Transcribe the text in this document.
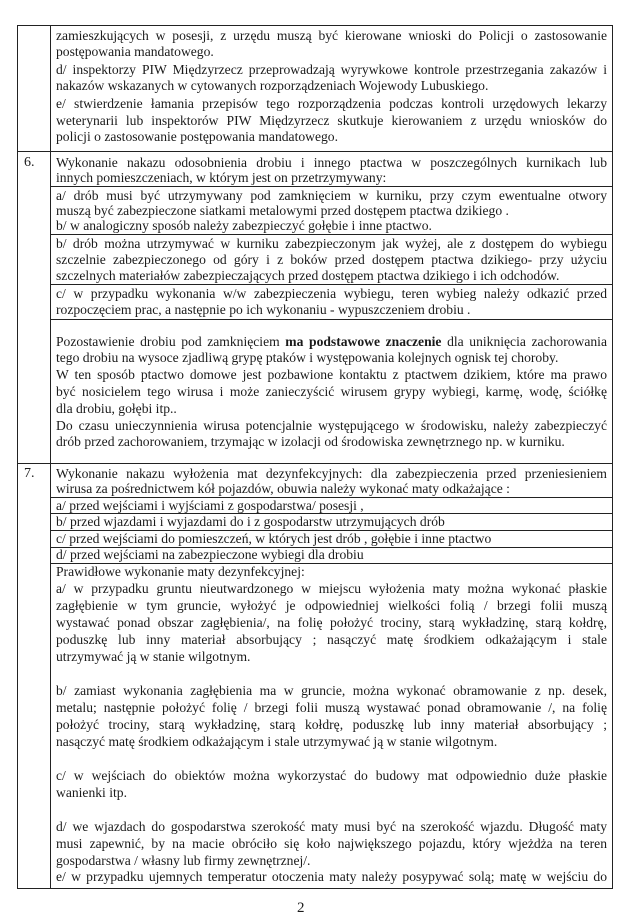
zamieszkujących w posesji, z urzędu muszą być kierowane wnioski do Policji o zastosowanie
postępowania mandatowego.
d/ inspektorzy PIW Międzyrzecz przeprowadzają wyrywkowe kontrole przestrzegania zakazów i
nakazów wskazanych w cytowanych rozporządzeniach Wojewody Lubuskiego.
e/ stwierdzenie łamania przepisów tego rozporządzenia podczas kontroli urzędowych lekarzy
weterynarii lub inspektorów PIW Międzyrzecz skutkuje kierowaniem z urzędu wniosków do
policji o zastosowanie postępowania mandatowego.
6. Wykonanie nakazu odosobnienia drobiu i innego ptactwa w poszczególnych kurnikach lub
innych pomieszczeniach, w którym jest on przetrzymywany:
a/ drób musi być utrzymywany pod zamknięciem w kurniku, przy czym ewentualne otwory
muszą być zabezpieczone siatkami metalowymi przed dostępem ptactwa dzikiego .
b/ w analogiczny sposób należy zabezpieczyć gołębie i inne ptactwo.
b/ drób można utrzymywać w kurniku zabezpieczonym jak wyżej, ale z dostępem do wybiegu
szczelnie zabezpieczonego od góry i z boków przed dostępem ptactwa dzikiego- przy użyciu
szczelnych materiałów zabezpieczających przed dostępem ptactwa dzikiego i ich odchodów.
c/ w przypadku wykonania w/w zabezpieczenia wybiegu, teren wybieg należy odkazić przed
rozpoczęciem prac, a następnie po ich wykonaniu - wypuszczeniem drobiu .
Pozostawienie drobiu pod zamknięciem ma podstawowe znaczenie dla uniknięcia zachorowania
tego drobiu na wysoce zjadliwą grypę ptaków i występowania kolejnych ognisk tej choroby.
W ten sposób ptactwo domowe jest pozbawione kontaktu z ptactwem dzikiem, które ma prawo
być nosicielem tego wirusa i może zanieczyścić wirusem grypy wybiegi, karmę, wodę, ściółkę
dla drobiu, gołębi itp..
Do czasu unieczynnienia wirusa potencjalnie występującego w środowisku, należy zabezpieczyć
drób przed zachorowaniem, trzymając w izolacji od środowiska zewnętrznego np. w kurniku.
7. Wykonanie nakazu wyłożenia mat dezynfekcyjnych: dla zabezpieczenia przed przeniesieniem
wirusa za pośrednictwem kół pojazdów, obuwia należy wykonać maty odkażające :
a/ przed wejściami i wyjściami z gospodarstwa/ posesji ,
b/ przed wjazdami i wyjazdami do i z gospodarstw utrzymujących drób
c/ przed wejściami do pomieszczeń, w których jest drób , gołębie i inne ptactwo
d/ przed wejściami na zabezpieczone wybiegi dla drobiu
Prawidłowe wykonanie maty dezynfekcyjnej:
a/ w przypadku gruntu nieutwardzonego w miejscu wyłożenia maty można wykonać płaskie
zagłębienie w tym gruncie, wyłożyć je odpowiedniej wielkości folią / brzegi folii muszą
wystawać ponad obszar zagłębienia/, na folię położyć trociny, starą wykładzinę, starą kołdrę,
poduszkę lub inny materiał absorbujący ; nasączyć matę środkiem odkażającym i stale
utrzymywać ją w stanie wilgotnym.
b/ zamiast wykonania zagłębienia ma w gruncie, można wykonać obramowanie z np. desek,
metalu; następnie położyć folię / brzegi folii muszą wystawać ponad obramowanie /, na folię
położyć trociny, starą wykładzinę, starą kołdrę, poduszkę lub inny materiał absorbujący ;
nasączyć matę środkiem odkażającym i stale utrzymywać ją w stanie wilgotnym.
c/ w wejściach do obiektów można wykorzystać do budowy mat odpowiednio duże płaskie
wanienki itp.
d/ we wjazdach do gospodarstwa szerokość maty musi być na szerokość wjazdu. Długość maty
musi zapewnić, by na macie obróciło się koło największego pojazdu, który wjeżdża na teren
gospodarstwa / własny lub firmy zewnętrznej/.
e/ w przypadku ujemnych temperatur otoczenia maty należy posypywać solą; matę w wejściu do
2
